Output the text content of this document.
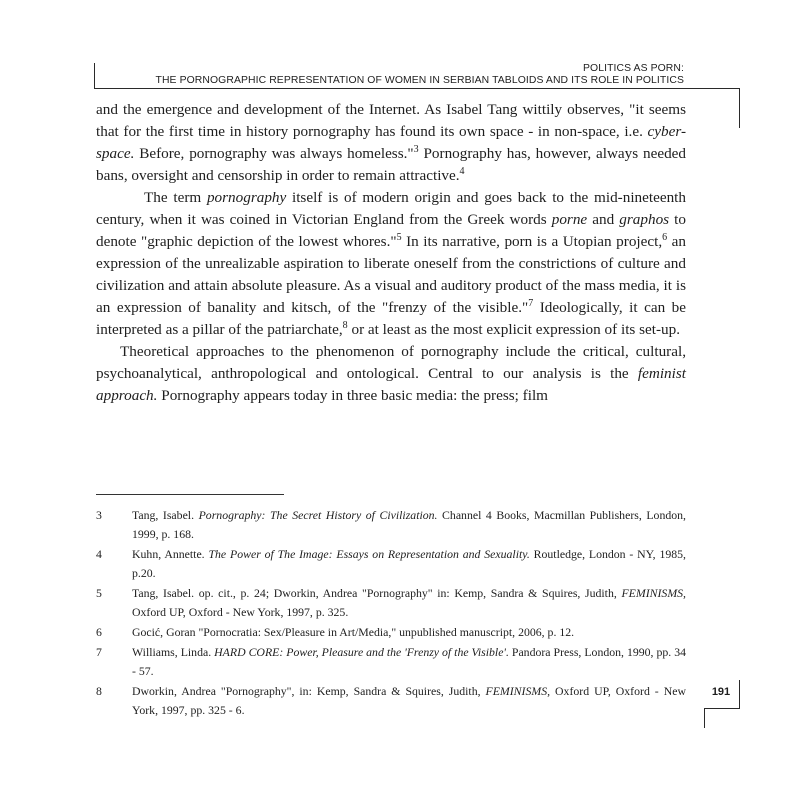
POLITICS AS PORN:
THE PORNOGRAPHIC REPRESENTATION OF WOMEN IN SERBIAN TABLOIDS AND ITS ROLE IN POLITICS

and the emergence and development of the Internet. As Isabel Tang wittily observes, "it seems that for the first time in history pornography has found its own space - in non-space, i.e. cyber-space. Before, pornography was always homeless."$^3$ Pornography has, however, always needed bans, oversight and censorship in order to remain attractive.$^4$

The term pornography itself is of modern origin and goes back to the mid-nineteenth century, when it was coined in Victorian England from the Greek words porne and graphos to denote "graphic depiction of the lowest whores."$^5$ In its narrative, porn is a Utopian project,$^6$ an expression of the unrealizable aspiration to liberate oneself from the constrictions of culture and civilization and attain absolute pleasure. As a visual and auditory product of the mass media, it is an expression of banality and kitsch, of the "frenzy of the visible."$^7$ Ideologically, it can be interpreted as a pillar of the patriarchate,$^8$ or at least as the most explicit expression of its set-up.

Theoretical approaches to the phenomenon of pornography include the critical, cultural, psychoanalytical, anthropological and ontological. Central to our analysis is the feminist approach. Pornography appears today in three basic media: the press; film

3	Tang, Isabel. Pornography: The Secret History of Civilization. Channel 4 Books, Macmillan Publishers, London, 1999, p. 168.
4	Kuhn, Annette. The Power of The Image: Essays on Representation and Sexuality. Routledge, London - NY, 1985, p.20.
5	Tang, Isabel. op. cit., p. 24; Dworkin, Andrea "Pornography" in: Kemp, Sandra & Squires, Judith, FEMINISMS, Oxford UP, Oxford - New York, 1997, p. 325.
6	Gocić, Goran "Pornocratia: Sex/Pleasure in Art/Media," unpublished manuscript, 2006, p. 12.
7	Williams, Linda. HARD CORE: Power, Pleasure and the 'Frenzy of the Visible'. Pandora Press, London, 1990, pp. 34 - 57.
8	Dworkin, Andrea "Pornography", in: Kemp, Sandra & Squires, Judith, FEMINISMS, Oxford UP, Oxford - New York, 1997, pp. 325 - 6.
191
